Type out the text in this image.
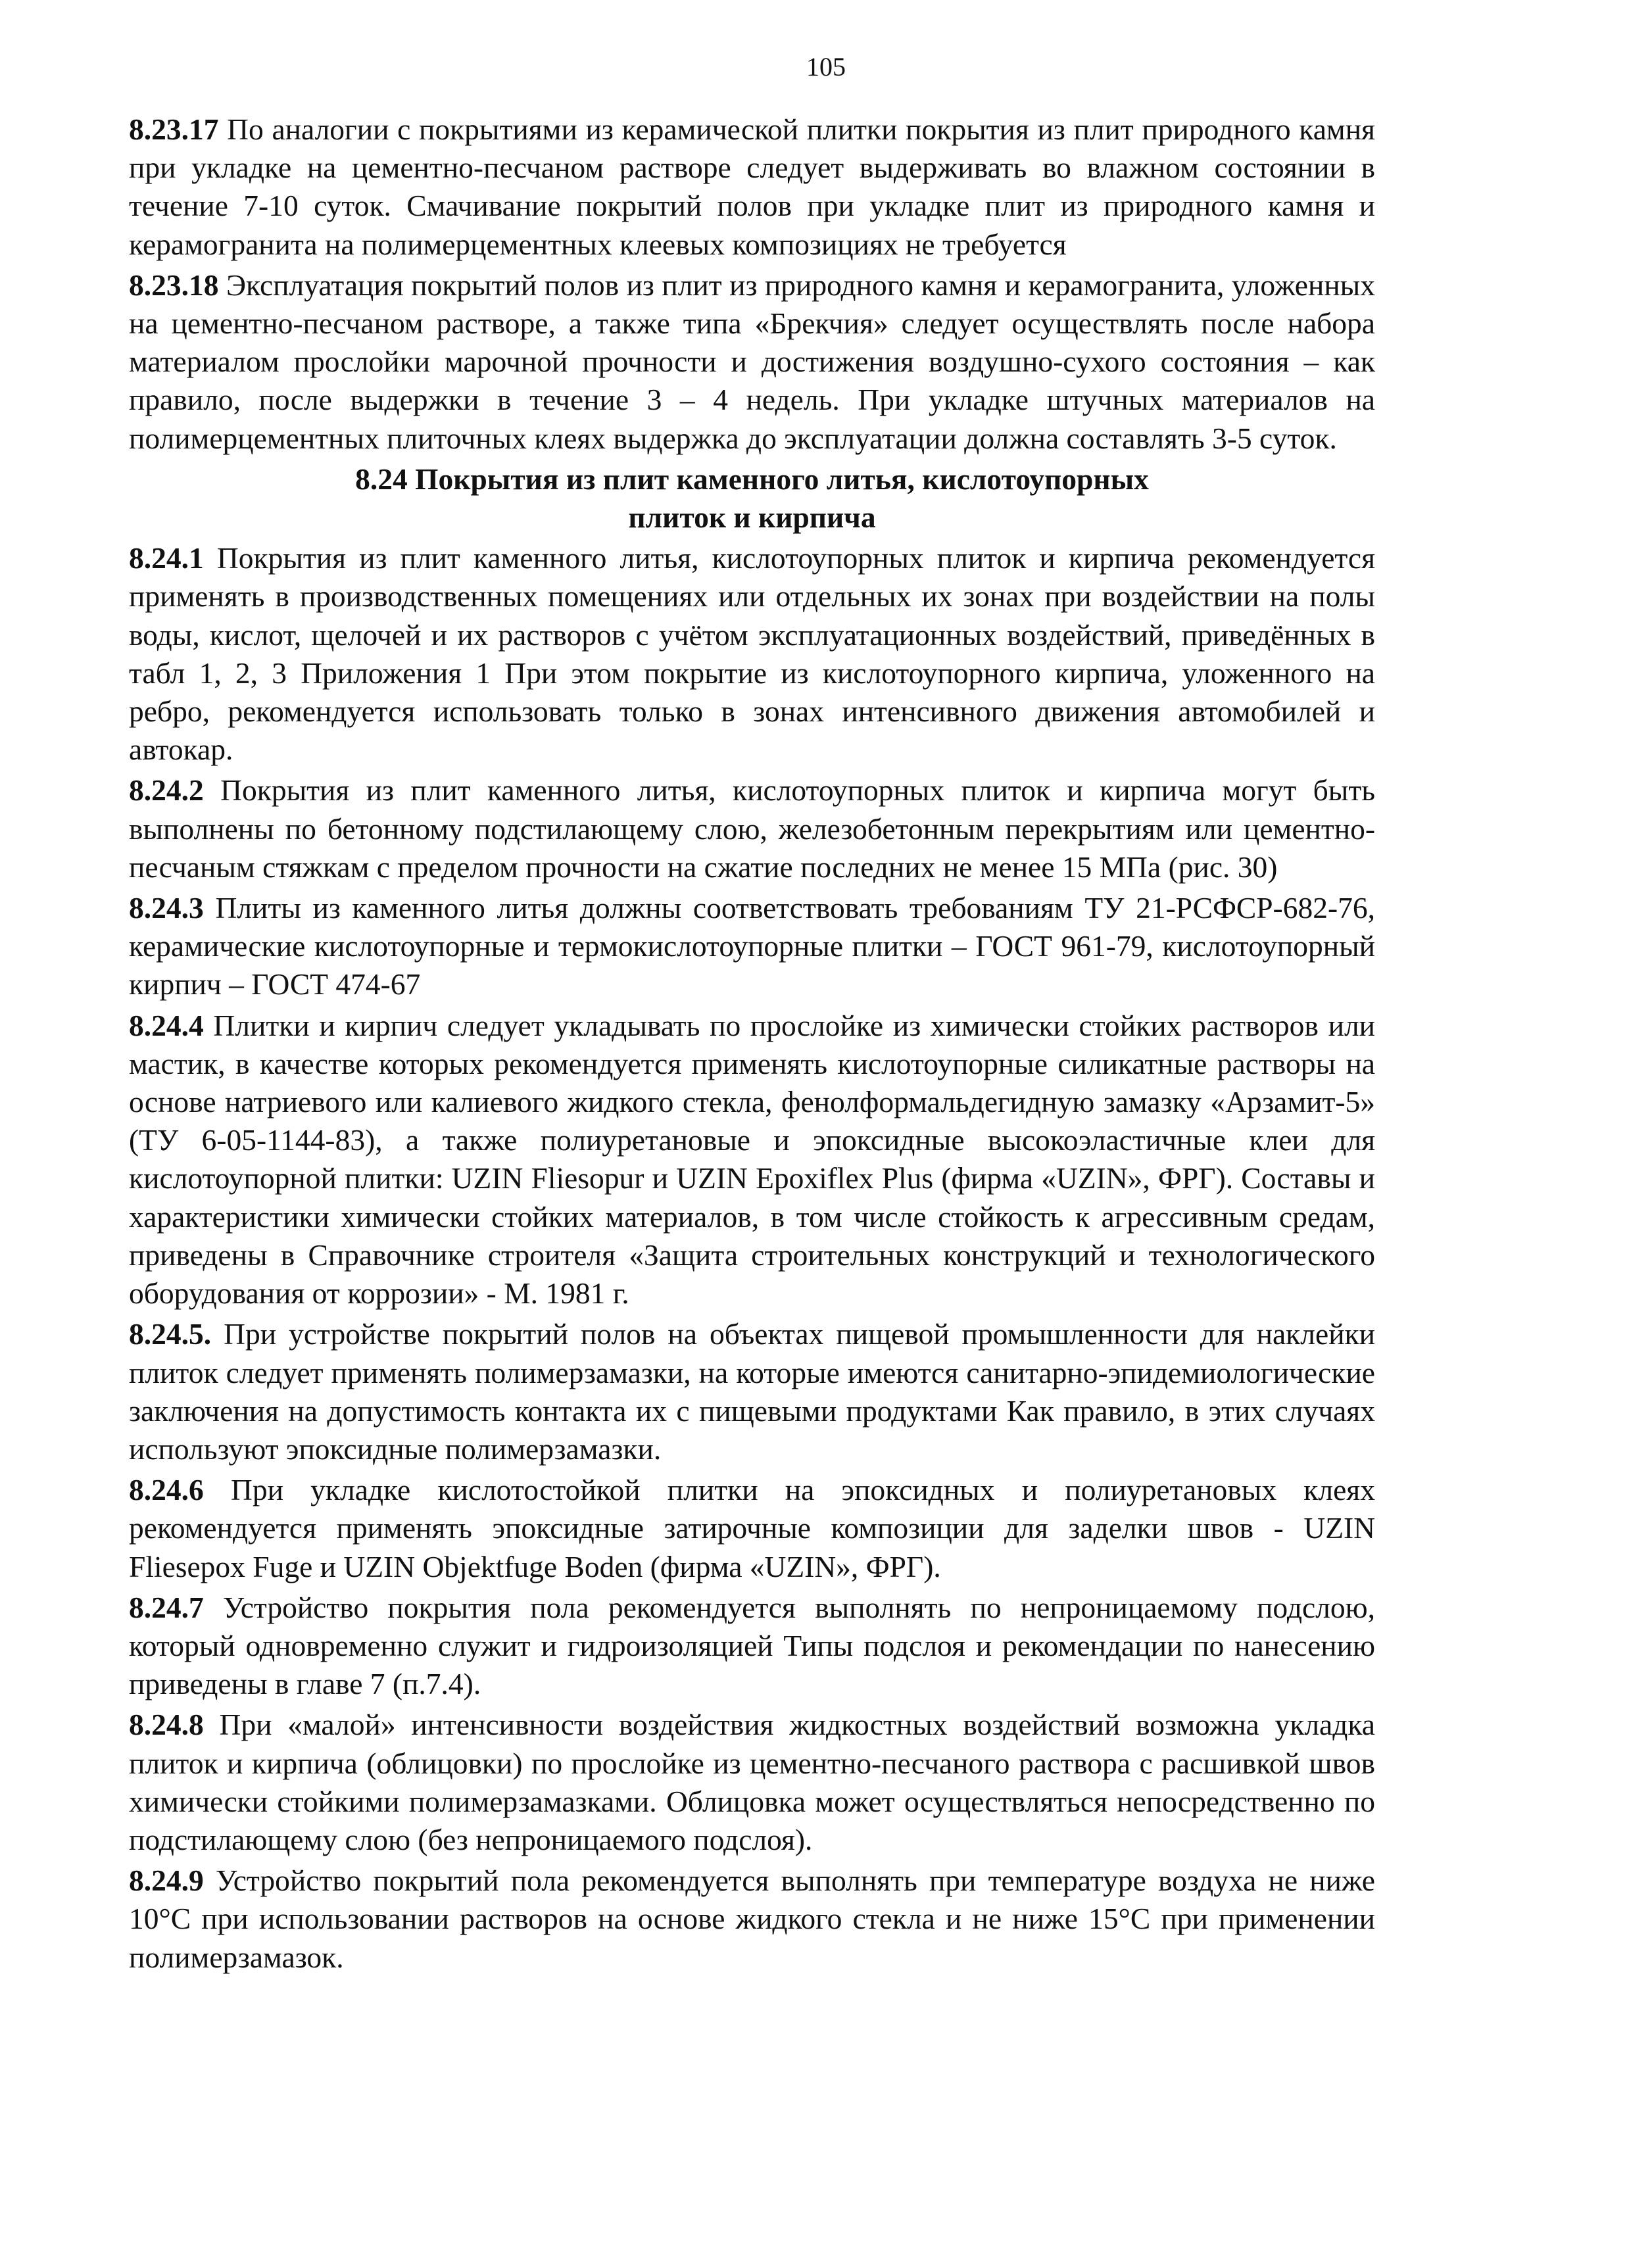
105

8.23.17 По аналогии с покрытиями из керамической плитки покрытия из плит природного камня при укладке на цементно-песчаном растворе следует выдерживать во влажном состоянии в течение 7-10 суток. Смачивание покрытий полов при укладке плит из природного камня и керамогранита на полимерцементных клеевых композициях не требуется

8.23.18 Эксплуатация покрытий полов из плит из природного камня и керамогранита, уложенных на цементно-песчаном растворе, а также типа «Брекчия» следует осуществлять после набора материалом прослойки марочной прочности и достижения воздушно-сухого состояния – как правило, после выдержки в течение 3 – 4 недель. При укладке штучных материалов на полимерцементных плиточных клеях выдержка до эксплуатации должна составлять 3-5 суток.

8.24 Покрытия из плит каменного литья, кислотоупорных
плиток и кирпича

8.24.1 Покрытия из плит каменного литья, кислотоупорных плиток и кирпича рекомендуется применять в производственных помещениях или отдельных их зонах при воздействии на полы воды, кислот, щелочей и их растворов с учётом эксплуатационных воздействий, приведённых в табл 1, 2, 3 Приложения 1 При этом покрытие из кислотоупорного кирпича, уложенного на ребро, рекомендуется использовать только в зонах интенсивного движения автомобилей и автокар.

8.24.2 Покрытия из плит каменного литья, кислотоупорных плиток и кирпича могут быть выполнены по бетонному подстилающему слою, железобетонным перекрытиям или цементно-песчаным стяжкам с пределом прочности на сжатие последних не менее 15 МПа (рис. 30)

8.24.3 Плиты из каменного литья должны соответствовать требованиям ТУ 21-РСФСР-682-76, керамические кислотоупорные и термокислотоупорные плитки – ГОСТ 961-79, кислотоупорный кирпич – ГОСТ 474-67

8.24.4 Плитки и кирпич следует укладывать по прослойке из химически стойких растворов или мастик, в качестве которых рекомендуется применять кислотоупорные силикатные растворы на основе натриевого или калиевого жидкого стекла, фенолформальдегидную замазку «Арзамит-5» (ТУ 6-05-1144-83), а также полиуретановые и эпоксидные высокоэластичные клеи для кислотоупорной плитки: UZIN Fliesopur и UZIN Epoxiflex Plus (фирма «UZIN», ФРГ). Составы и характеристики химически стойких материалов, в том числе стойкость к агрессивным средам, приведены в Справочнике строителя «Защита строительных конструкций и технологического оборудования от коррозии» - М. 1981 г.

8.24.5. При устройстве покрытий полов на объектах пищевой промышленности для наклейки плиток следует применять полимерзамазки, на которые имеются санитарно-эпидемиологические заключения на допустимость контакта их с пищевыми продуктами Как правило, в этих случаях используют эпоксидные полимерзамазки.

8.24.6 При укладке кислотостойкой плитки на эпоксидных и полиуретановых клеях рекомендуется применять эпоксидные затирочные композиции для заделки швов - UZIN Fliesepox Fuge и UZIN Objektfuge Boden (фирма «UZIN», ФРГ).

8.24.7 Устройство покрытия пола рекомендуется выполнять по непроницаемому подслою, который одновременно служит и гидроизоляцией Типы подслоя и рекомендации по нанесению приведены в главе 7 (п.7.4).

8.24.8 При «малой» интенсивности воздействия жидкостных воздействий возможна укладка плиток и кирпича (облицовки) по прослойке из цементно-песчаного раствора с расшивкой швов химически стойкими полимерзамазками. Облицовка может осуществляться непосредственно по подстилающему слою (без непроницаемого подслоя).

8.24.9 Устройство покрытий пола рекомендуется выполнять при температуре воздуха не ниже 10°С при использовании растворов на основе жидкого стекла и не ниже 15°С при применении полимерзамазок.
